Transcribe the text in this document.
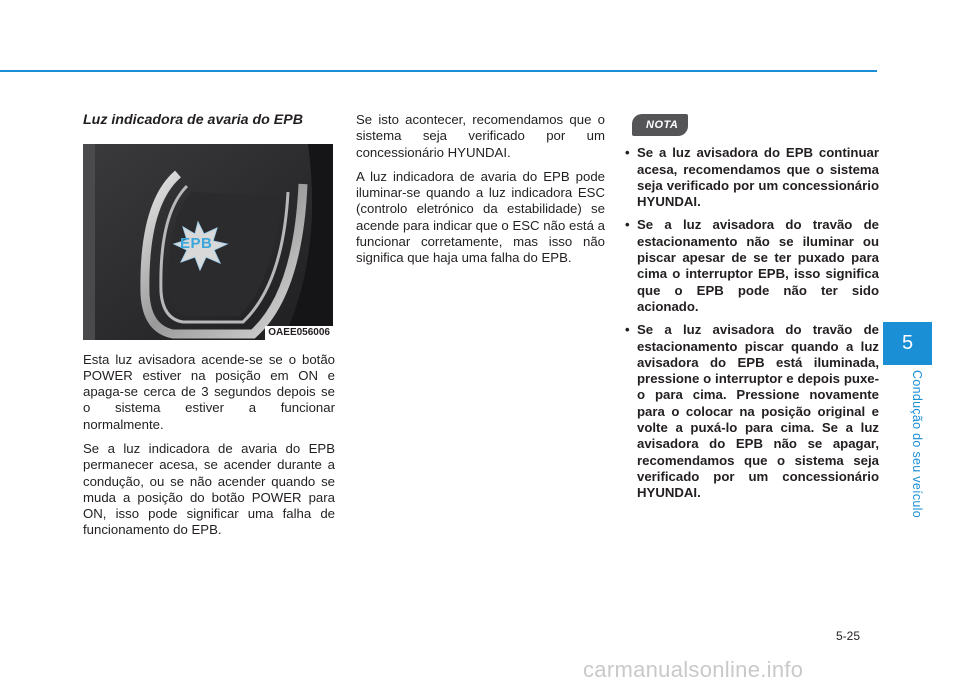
Luz indicadora de avaria do EPB
EPB
OAEE056006

Esta luz avisadora acende-se se o botão POWER estiver na posição em ON e apaga-se cerca de 3 segundos depois se o sistema estiver a funcionar normalmente.

Se a luz indicadora de avaria do EPB permanecer acesa, se acender durante a condução, ou se não acender quando se muda a posição do botão POWER para ON, isso pode significar uma falha de funcionamento do EPB.

Se isto acontecer, recomendamos que o sistema seja verificado por um concessionário HYUNDAI.

A luz indicadora de avaria do EPB pode iluminar-se quando a luz indicadora ESC (controlo eletrónico da estabilidade) se acende para indicar que o ESC não está a funcionar corretamente, mas isso não significa que haja uma falha do EPB.

NOTA
• Se a luz avisadora do EPB continuar acesa, recomendamos que o sistema seja verificado por um concessionário HYUNDAI.
• Se a luz avisadora do travão de estacionamento não se iluminar ou piscar apesar de se ter puxado para cima o interruptor EPB, isso significa que o EPB pode não ter sido acionado.
• Se a luz avisadora do travão de estacionamento piscar quando a luz avisadora do EPB está iluminada, pressione o interruptor e depois puxe-o para cima. Pressione novamente para o colocar na posição original e volte a puxá-lo para cima. Se a luz avisadora do EPB não se apagar, recomendamos que o sistema seja verificado por um concessionário HYUNDAI.
5
Condução do seu veículo
5-25
carmanualsonline.info
